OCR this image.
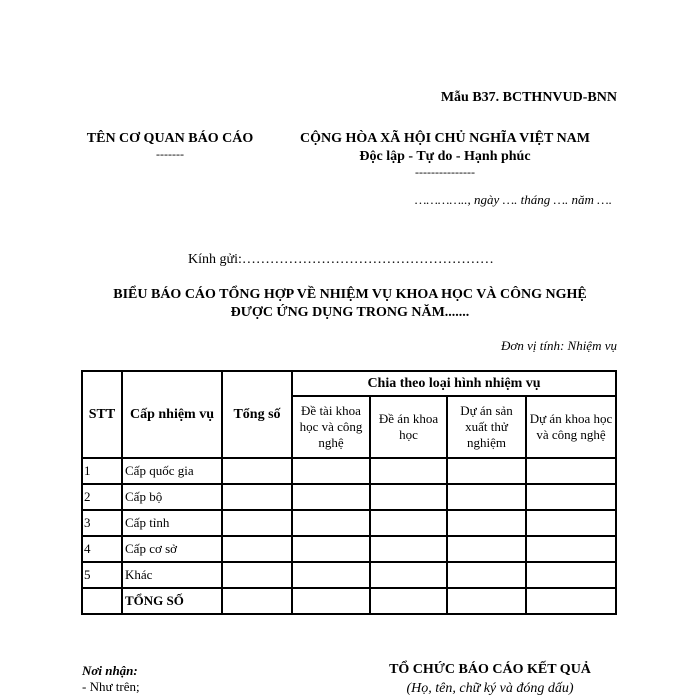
Mẫu B37. BCTHNVUD-BNN
TÊN CƠ QUAN BÁO CÁO
-------
CỘNG HÒA XÃ HỘI CHỦ NGHĨA VIỆT NAM
Độc lập - Tự do - Hạnh phúc
---------------
………….., ngày …. tháng …. năm ….
Kính gửi:………………………………………………
BIỂU BÁO CÁO TỔNG HỢP VỀ NHIỆM VỤ KHOA HỌC VÀ CÔNG NGHỆ
ĐƯỢC ỨNG DỤNG TRONG NĂM.......
Đơn vị tính: Nhiệm vụ
STT	Cấp nhiệm vụ	Tổng số	Chia theo loại hình nhiệm vụ			
			Đề tài khoa học và công nghệ	Đề án khoa học	Dự án sản xuất thử nghiệm	Dự án khoa học và công nghệ
1	Cấp quốc gia					
2	Cấp bộ					
3	Cấp tỉnh					
4	Cấp cơ sở					
5	Khác					
	TỔNG SỐ					
Nơi nhận:
- Như trên;
TỔ CHỨC BÁO CÁO KẾT QUẢ
(Họ, tên, chữ ký và đóng dấu)
